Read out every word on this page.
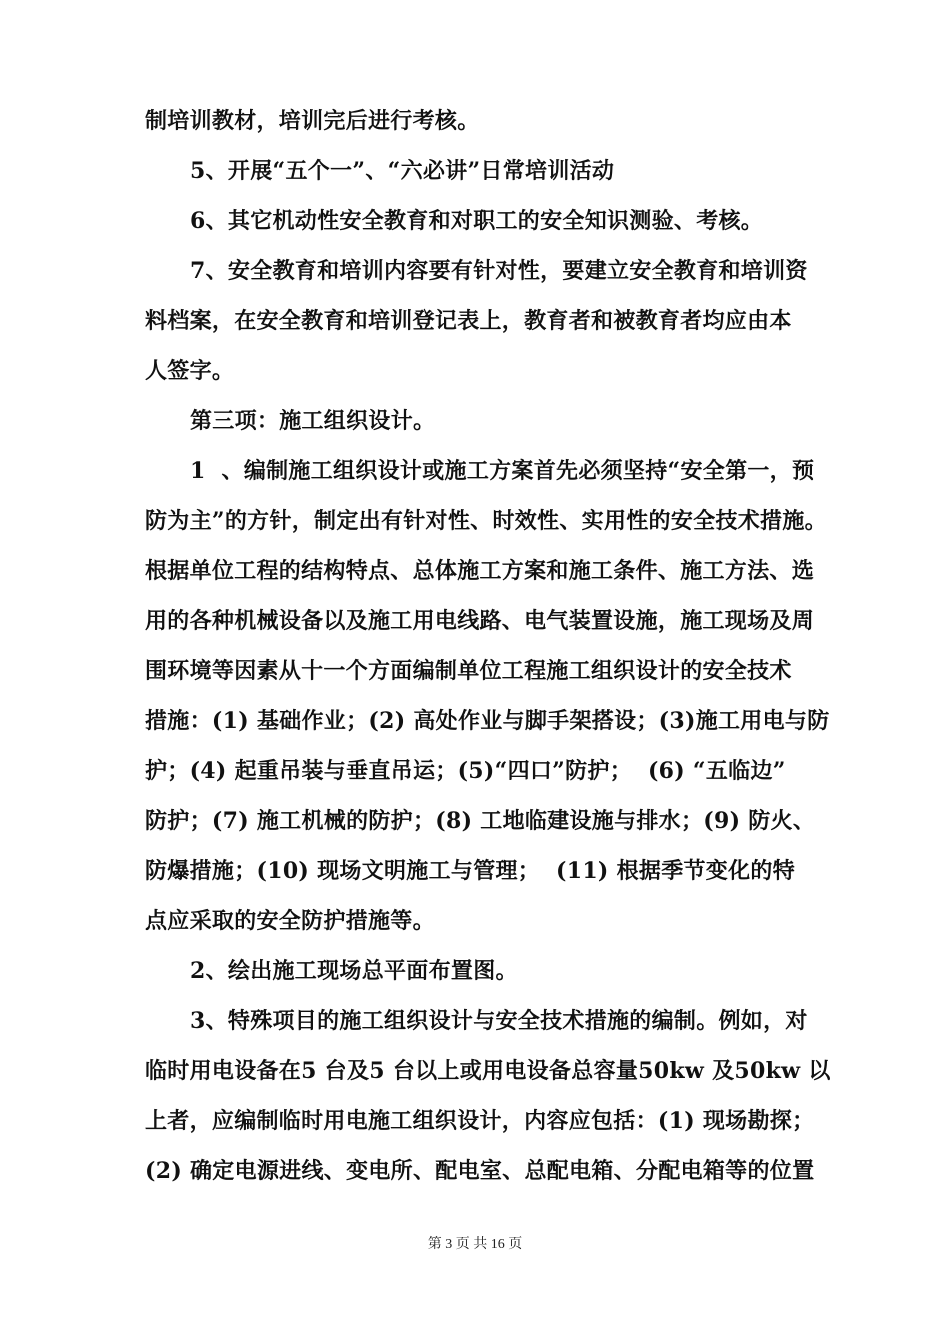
制培训教材，培训完后进行考核。
5、开展“五个一”、“六必讲”日常培训活动
6、其它机动性安全教育和对职工的安全知识测验、考核。
7、安全教育和培训内容要有针对性，要建立安全教育和培训资
料档案，在安全教育和培训登记表上，教育者和被教育者均应由本
人签字。
第三项：施工组织设计。
1  、编制施工组织设计或施工方案首先必须坚持“安全第一，预
防为主”的方针，制定出有针对性、时效性、实用性的安全技术措施。
根据单位工程的结构特点、总体施工方案和施工条件、施工方法、选
用的各种机械设备以及施工用电线路、电气装置设施，施工现场及周
围环境等因素从十一个方面编制单位工程施工组织设计的安全技术
措施：(1) 基础作业；(2) 高处作业与脚手架搭设；(3)施工用电与防
护；(4) 起重吊装与垂直吊运；(5)“四口”防护；  (6) “五临边”
防护；(7) 施工机械的防护；(8) 工地临建设施与排水；(9) 防火、
防爆措施；(10) 现场文明施工与管理；  (11) 根据季节变化的特
点应采取的安全防护措施等。
2、绘出施工现场总平面布置图。
3、特殊项目的施工组织设计与安全技术措施的编制。例如，对
临时用电设备在5 台及5 台以上或用电设备总容量50kw 及50kw 以
上者，应编制临时用电施工组织设计，内容应包括：(1) 现场勘探；
(2) 确定电源进线、变电所、配电室、总配电箱、分配电箱等的位置
第 3 页 共 16 页
